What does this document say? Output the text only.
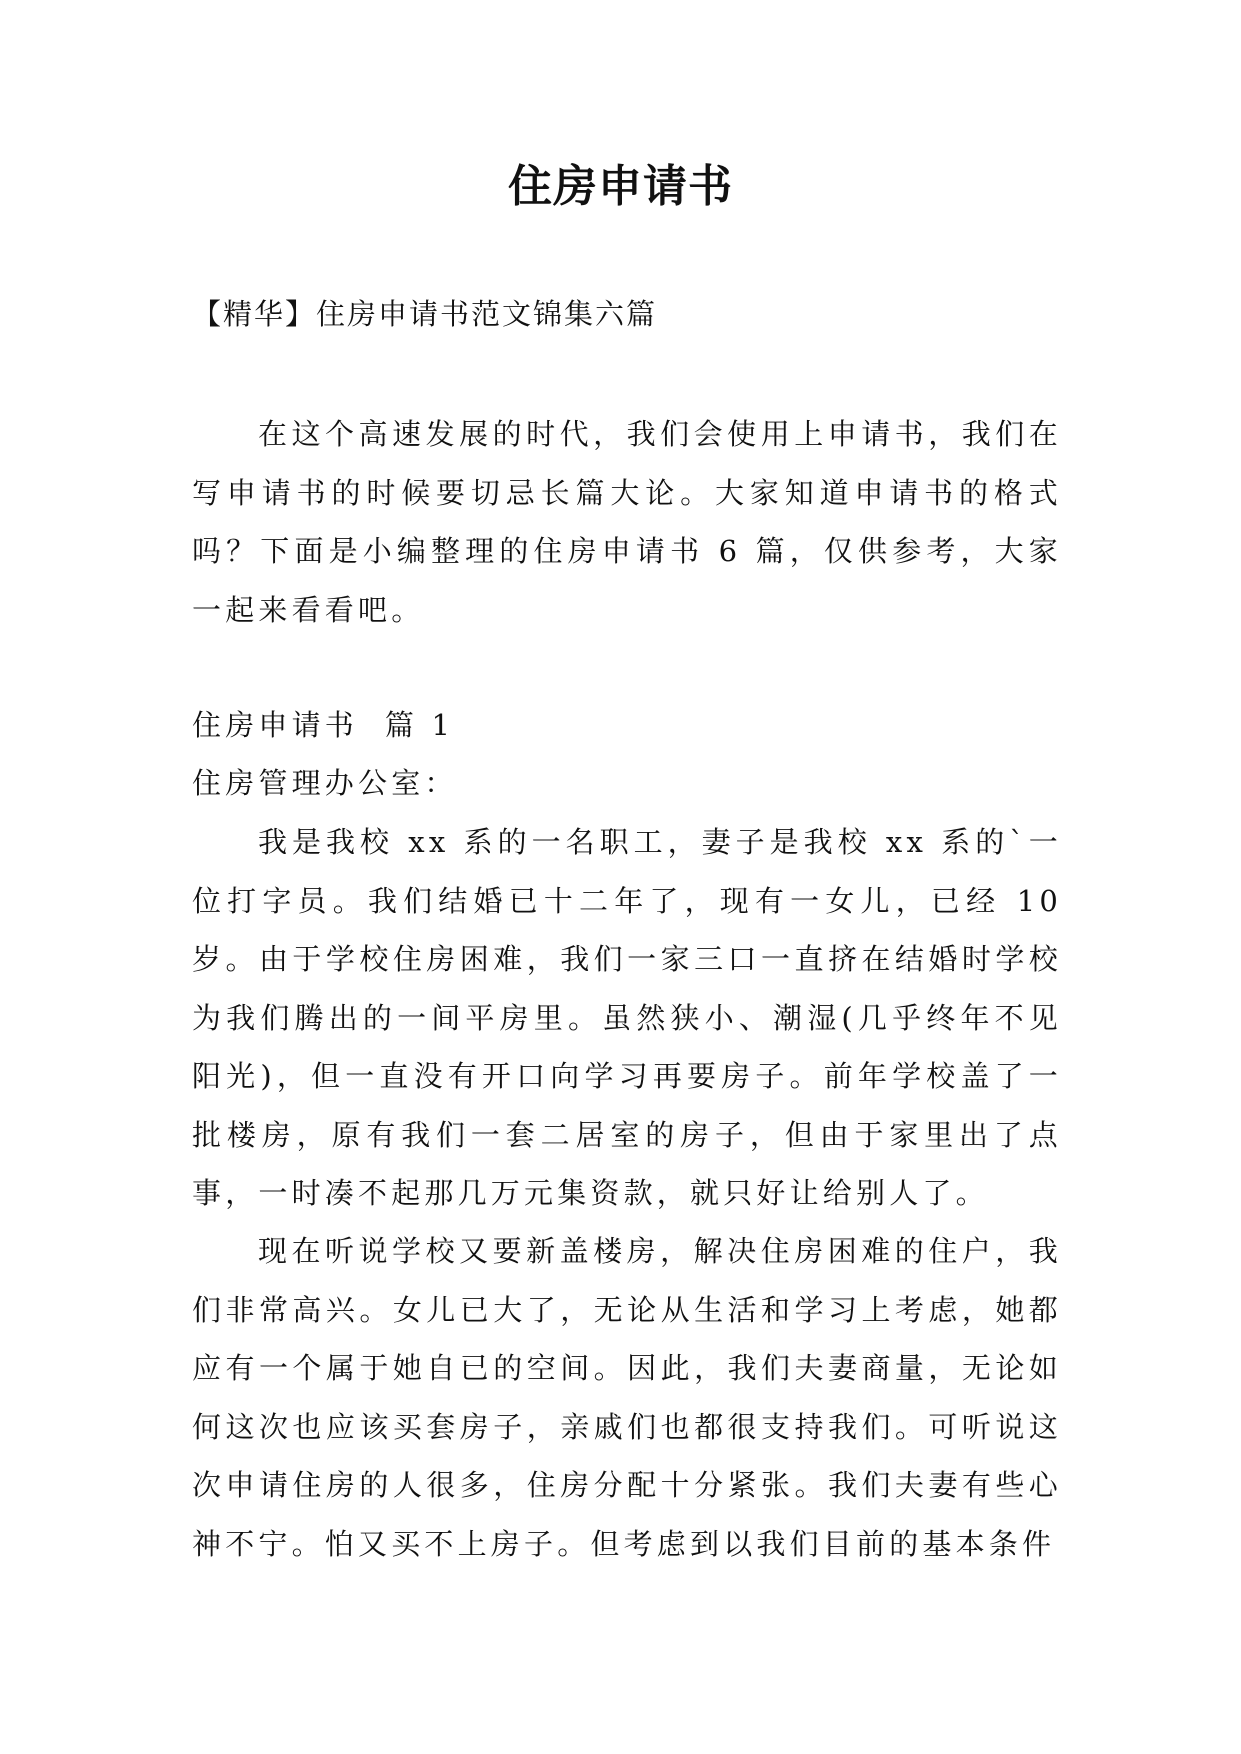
住房申请书

【精华】住房申请书范文锦集六篇

在这个高速发展的时代，我们会使用上申请书，我们在写申请书的时候要切忌长篇大论。大家知道申请书的格式吗？下面是小编整理的住房申请书 6 篇，仅供参考，大家一起来看看吧。

住房申请书  篇 1

住房管理办公室：

我是我校 xx 系的一名职工，妻子是我校 xx 系的`一位打字员。我们结婚已十二年了，现有一女儿，已经 10 岁。由于学校住房困难，我们一家三口一直挤在结婚时学校为我们腾出的一间平房里。虽然狭小、潮湿(几乎终年不见阳光)，但一直没有开口向学习再要房子。前年学校盖了一批楼房，原有我们一套二居室的房子，但由于家里出了点事，一时凑不起那几万元集资款，就只好让给别人了。

现在听说学校又要新盖楼房，解决住房困难的住户，我们非常高兴。女儿已大了，无论从生活和学习上考虑，她都应有一个属于她自已的空间。因此，我们夫妻商量，无论如何这次也应该买套房子，亲戚们也都很支持我们。可听说这次申请住房的人很多，住房分配十分紧张。我们夫妻有些心神不宁。怕又买不上房子。但考虑到以我们目前的基本条件
